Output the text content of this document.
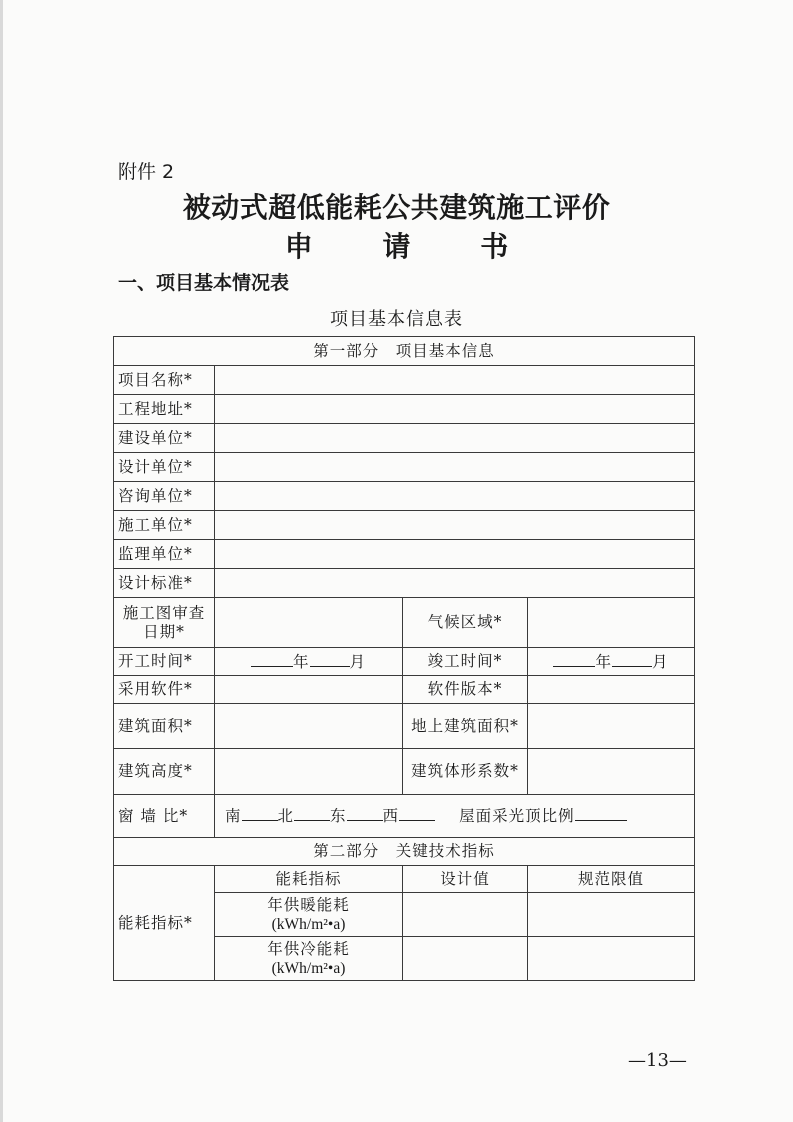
附件 2
被动式超低能耗公共建筑施工评价
申 请 书
一、项目基本情况表
项目基本信息表
第一部分　项目基本信息			
项目名称*			
工程地址*			
建设单位*			
设计单位*			
咨询单位*			
施工单位*			
监理单位*			
设计标准*			
施工图审查日期*		气候区域*	
开工时间*	年 月	竣工时间*	年 月
采用软件*		软件版本*	
建筑面积*		地上建筑面积*	
建筑高度*		建筑体形系数*	
窗 墙 比*	南 北 东 西 屋面采光顶比例		
第二部分　关键技术指标			
能耗指标*	能耗指标	设计值	规范限值

	年供暖能耗
(kWh/m²•a)		

	年供冷能耗
(kWh/m²•a)		

—13—
